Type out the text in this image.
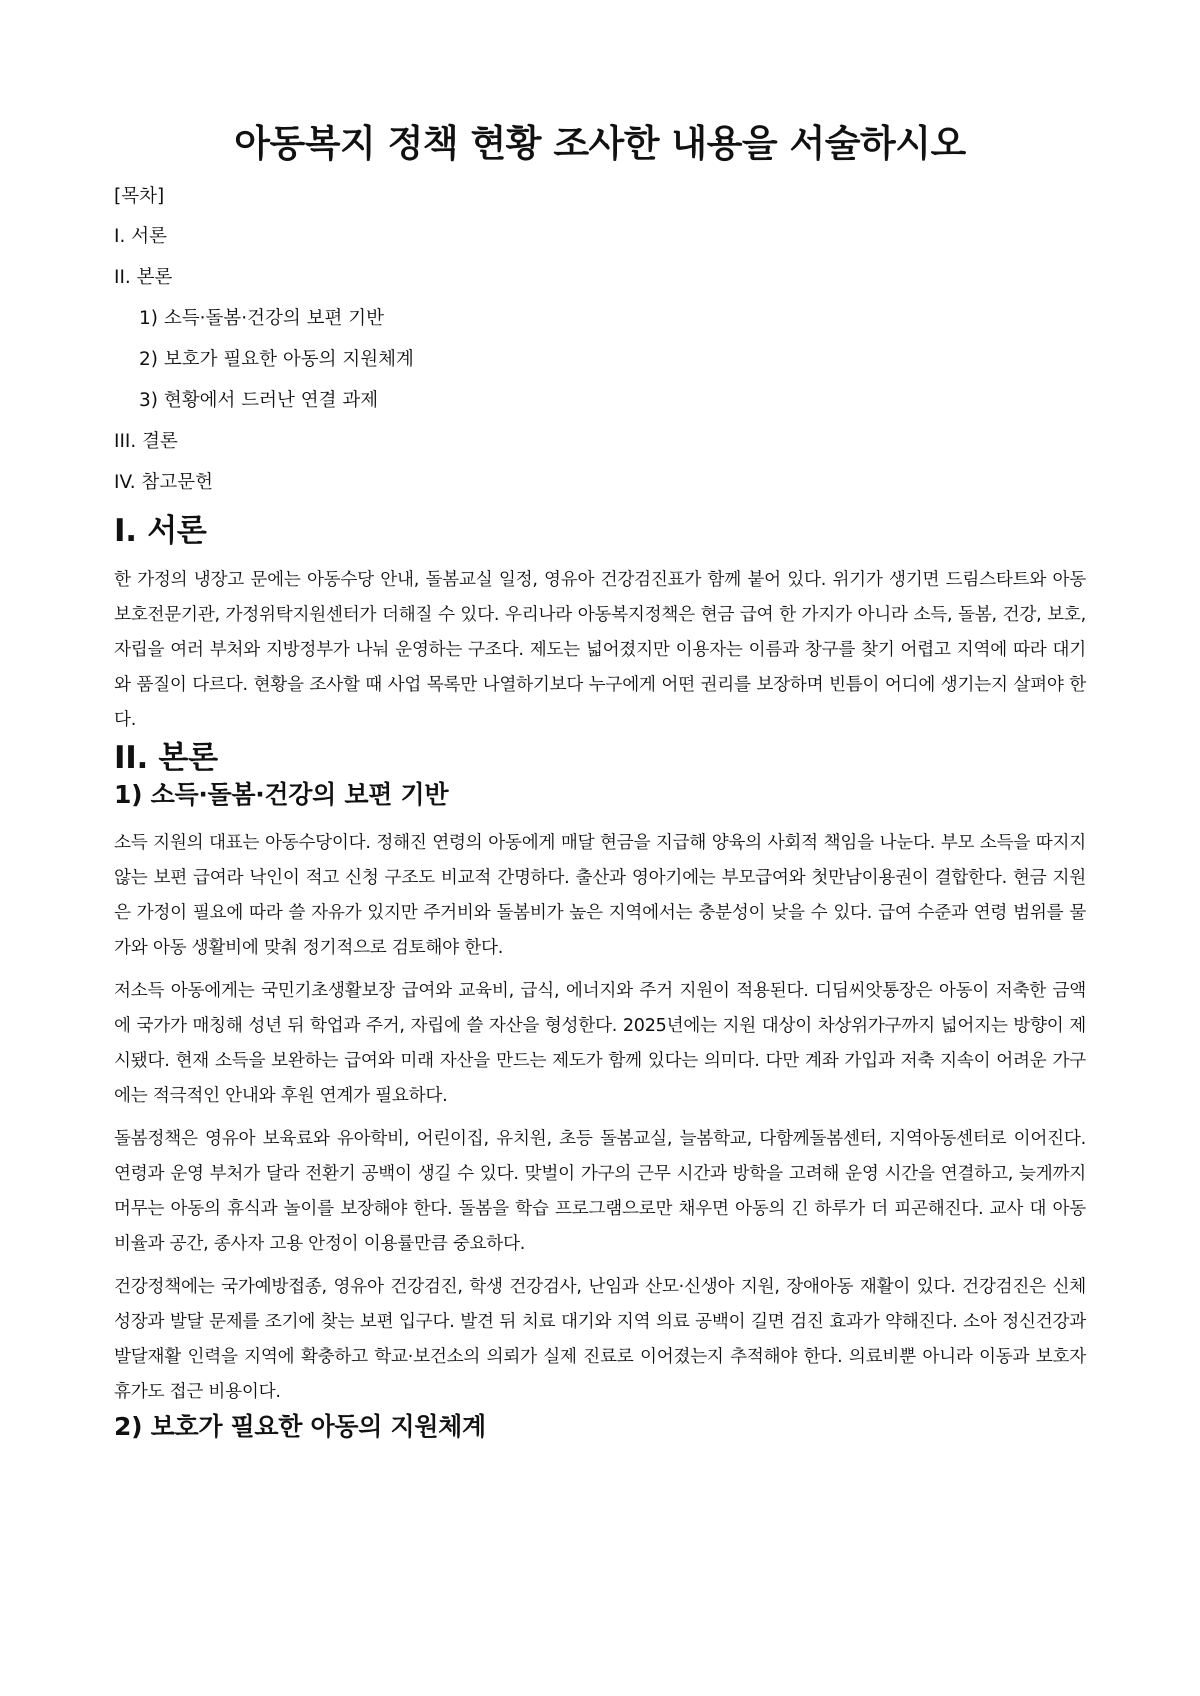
아동복지 정책 현황 조사한 내용을 서술하시오

[목차]

I. 서론

II. 본론

1) 소득·돌봄·건강의 보편 기반

2) 보호가 필요한 아동의 지원체계

3) 현황에서 드러난 연결 과제

III. 결론

IV. 참고문헌

I. 서론

한 가정의 냉장고 문에는 아동수당 안내, 돌봄교실 일정, 영유아 건강검진표가 함께 붙어 있다. 위기가 생기면 드림스타트와 아동보호전문기관, 가정위탁지원센터가 더해질 수 있다. 우리나라 아동복지정책은 현금 급여 한 가지가 아니라 소득, 돌봄, 건강, 보호, 자립을 여러 부처와 지방정부가 나눠 운영하는 구조다. 제도는 넓어졌지만 이용자는 이름과 창구를 찾기 어렵고 지역에 따라 대기와 품질이 다르다. 현황을 조사할 때 사업 목록만 나열하기보다 누구에게 어떤 권리를 보장하며 빈틈이 어디에 생기는지 살펴야 한다.

II. 본론
1) 소득·돌봄·건강의 보편 기반

소득 지원의 대표는 아동수당이다. 정해진 연령의 아동에게 매달 현금을 지급해 양육의 사회적 책임을 나눈다. 부모 소득을 따지지 않는 보편 급여라 낙인이 적고 신청 구조도 비교적 간명하다. 출산과 영아기에는 부모급여와 첫만남이용권이 결합한다. 현금 지원은 가정이 필요에 따라 쓸 자유가 있지만 주거비와 돌봄비가 높은 지역에서는 충분성이 낮을 수 있다. 급여 수준과 연령 범위를 물가와 아동 생활비에 맞춰 정기적으로 검토해야 한다.

저소득 아동에게는 국민기초생활보장 급여와 교육비, 급식, 에너지와 주거 지원이 적용된다. 디딤씨앗통장은 아동이 저축한 금액에 국가가 매칭해 성년 뒤 학업과 주거, 자립에 쓸 자산을 형성한다. 2025년에는 지원 대상이 차상위가구까지 넓어지는 방향이 제시됐다. 현재 소득을 보완하는 급여와 미래 자산을 만드는 제도가 함께 있다는 의미다. 다만 계좌 가입과 저축 지속이 어려운 가구에는 적극적인 안내와 후원 연계가 필요하다.

돌봄정책은 영유아 보육료와 유아학비, 어린이집, 유치원, 초등 돌봄교실, 늘봄학교, 다함께돌봄센터, 지역아동센터로 이어진다. 연령과 운영 부처가 달라 전환기 공백이 생길 수 있다. 맞벌이 가구의 근무 시간과 방학을 고려해 운영 시간을 연결하고, 늦게까지 머무는 아동의 휴식과 놀이를 보장해야 한다. 돌봄을 학습 프로그램으로만 채우면 아동의 긴 하루가 더 피곤해진다. 교사 대 아동 비율과 공간, 종사자 고용 안정이 이용률만큼 중요하다.

건강정책에는 국가예방접종, 영유아 건강검진, 학생 건강검사, 난임과 산모·신생아 지원, 장애아동 재활이 있다. 건강검진은 신체 성장과 발달 문제를 조기에 찾는 보편 입구다. 발견 뒤 치료 대기와 지역 의료 공백이 길면 검진 효과가 약해진다. 소아 정신건강과 발달재활 인력을 지역에 확충하고 학교·보건소의 의뢰가 실제 진료로 이어졌는지 추적해야 한다. 의료비뿐 아니라 이동과 보호자 휴가도 접근 비용이다.

2) 보호가 필요한 아동의 지원체계
